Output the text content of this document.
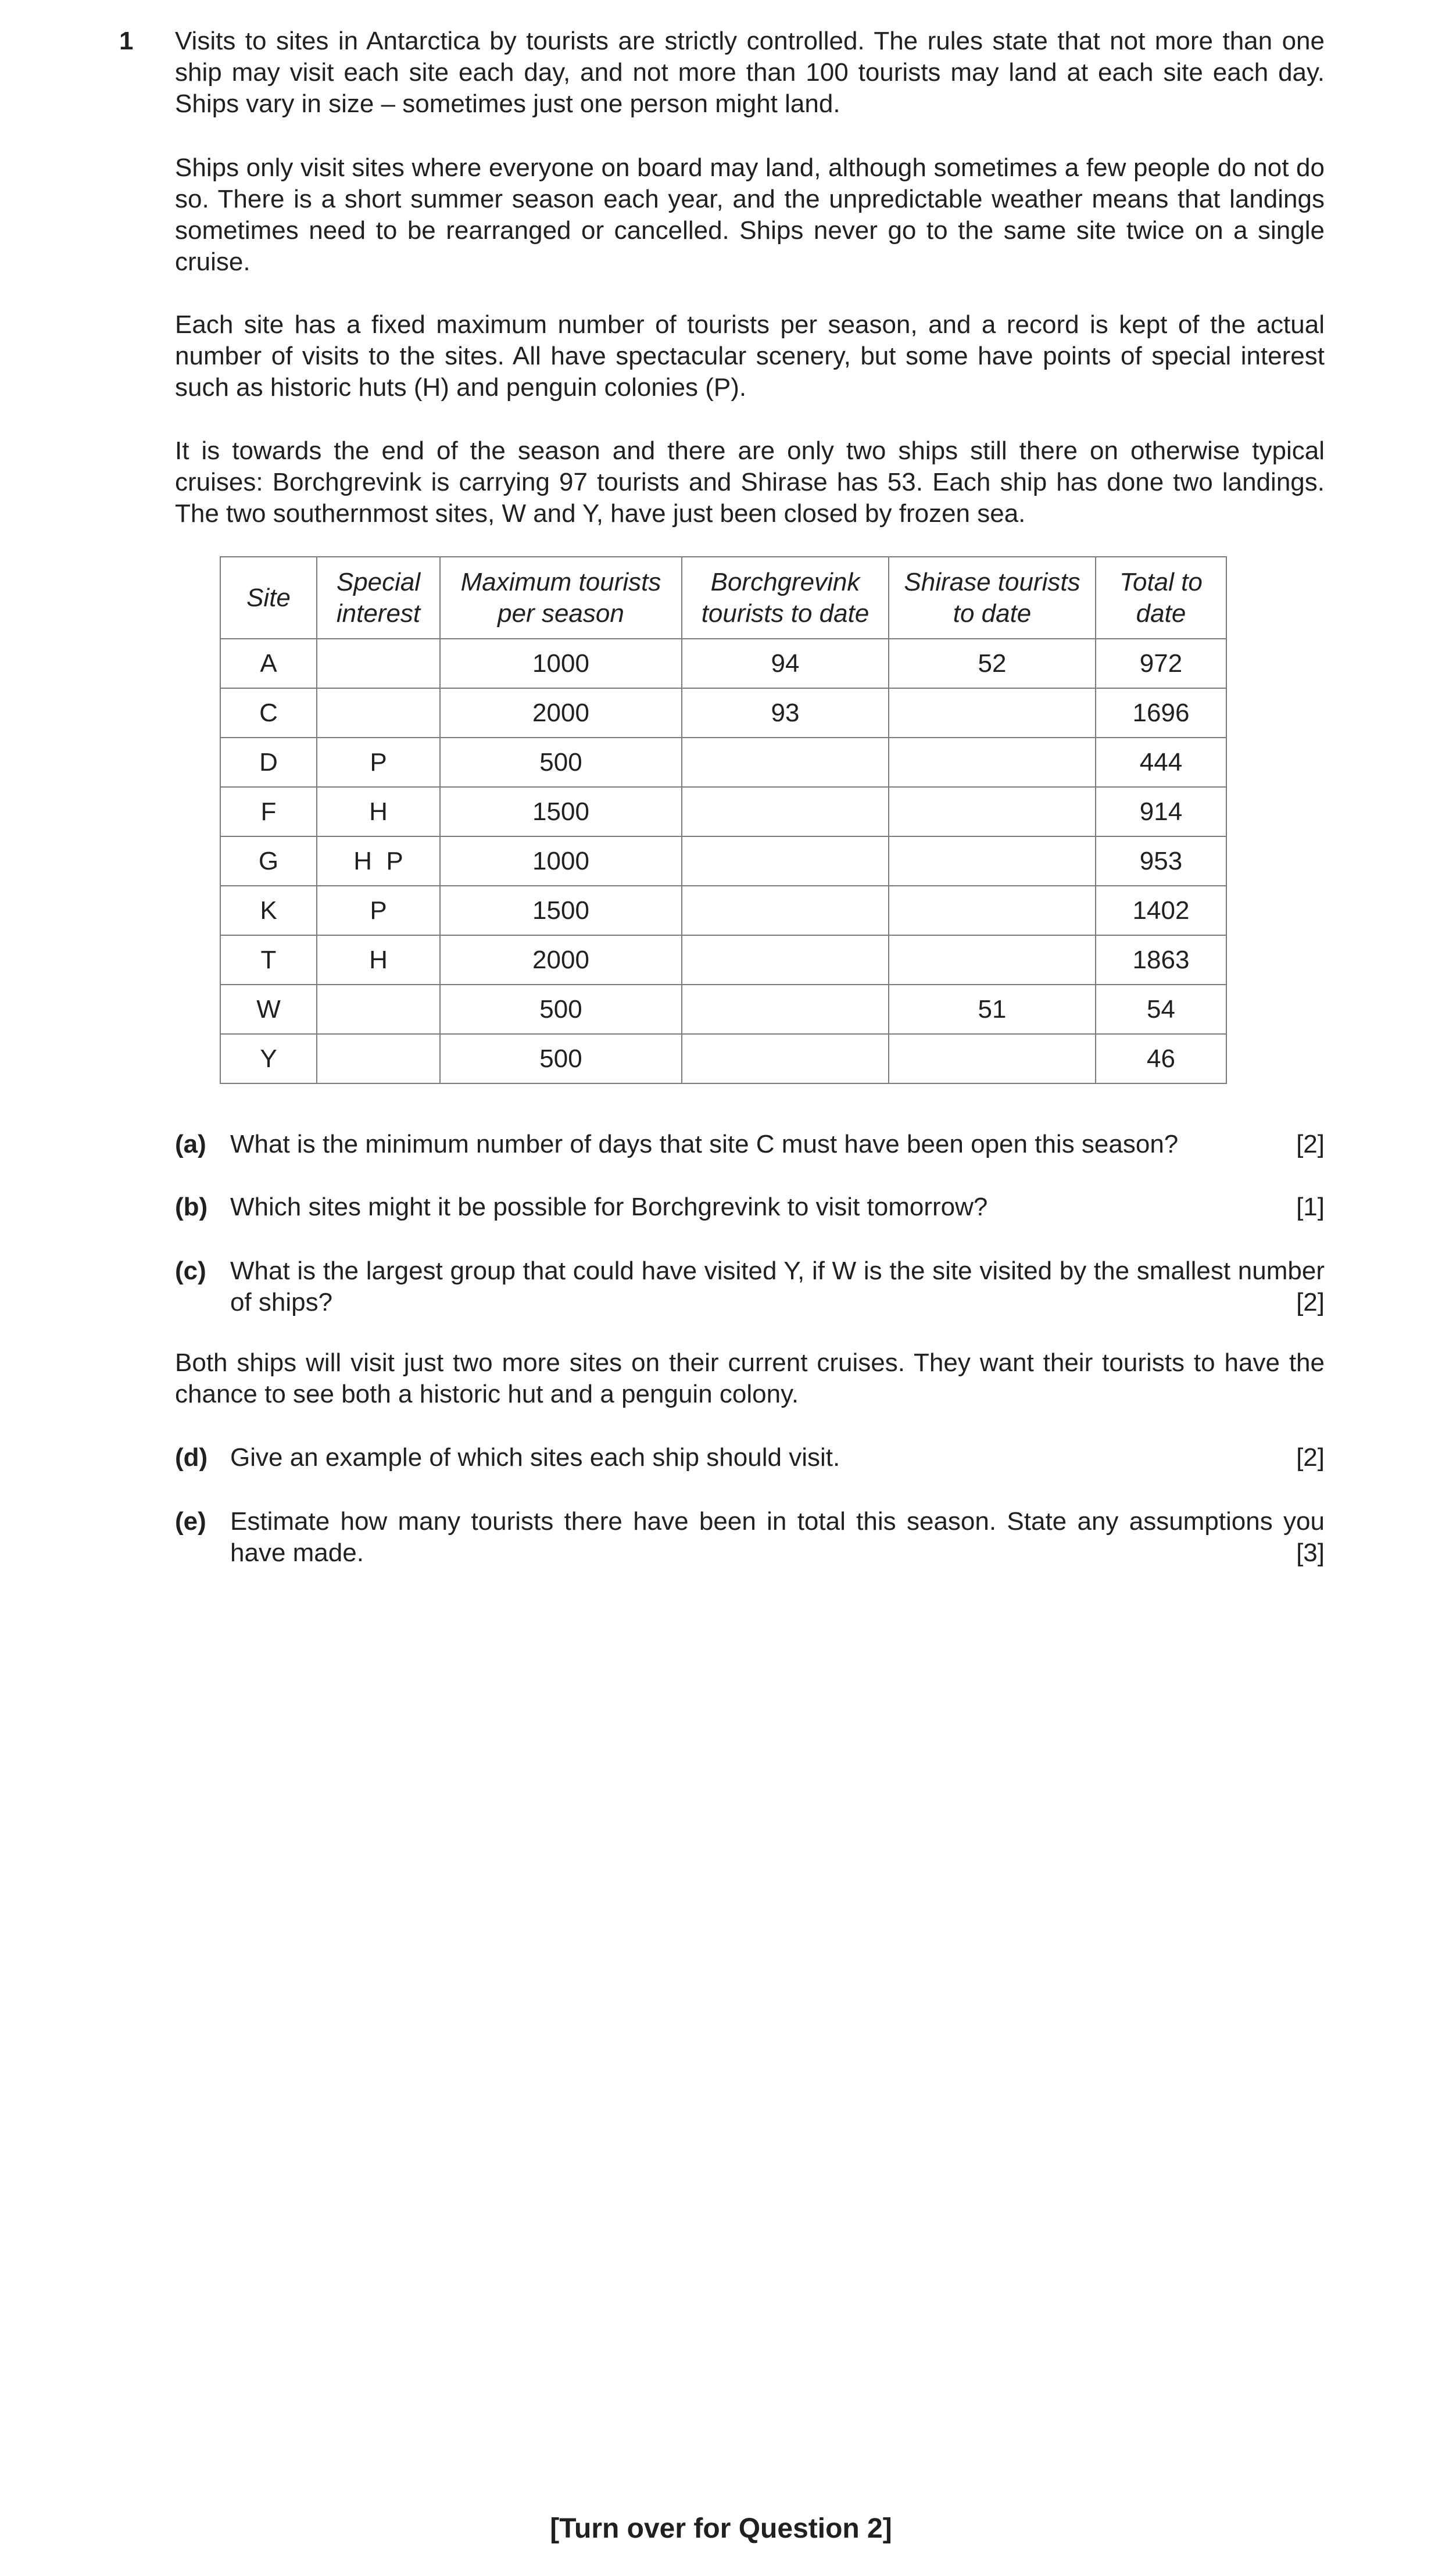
1 Visits to sites in Antarctica by tourists are strictly controlled. The rules state that not more than one ship may visit each site each day, and not more than 100 tourists may land at each site each day. Ships vary in size – sometimes just one person might land.

Ships only visit sites where everyone on board may land, although sometimes a few people do not do so. There is a short summer season each year, and the unpredictable weather means that landings sometimes need to be rearranged or cancelled. Ships never go to the same site twice on a single cruise.

Each site has a fixed maximum number of tourists per season, and a record is kept of the actual number of visits to the sites. All have spectacular scenery, but some have points of special interest such as historic huts (H) and penguin colonies (P).

It is towards the end of the season and there are only two ships still there on otherwise typical cruises: Borchgrevink is carrying 97 tourists and Shirase has 53. Each ship has done two landings. The two southernmost sites, W and Y, have just been closed by frozen sea.

Site	Special interest	Maximum tourists per season	Borchgrevink tourists to date	Shirase tourists to date	Total to date
A		1000	94	52	972
C		2000	93		1696
D	P	500			444
F	H	1500			914
G	H  P	1000			953
K	P	1500			1402
T	H	2000			1863
W		500		51	54
Y		500			46
(a) What is the minimum number of days that site C must have been open this season?	[2]
(b) Which sites might it be possible for Borchgrevink to visit tomorrow?	[1]
(c) What is the largest group that could have visited Y, if W is the site visited by the smallest number of ships?	[2]

Both ships will visit just two more sites on their current cruises. They want their tourists to have the chance to see both a historic hut and a penguin colony.

(d) Give an example of which sites each ship should visit.	[2]
(e) Estimate how many tourists there have been in total this season. State any assumptions you have made.	[3]
[Turn over for Question 2]
